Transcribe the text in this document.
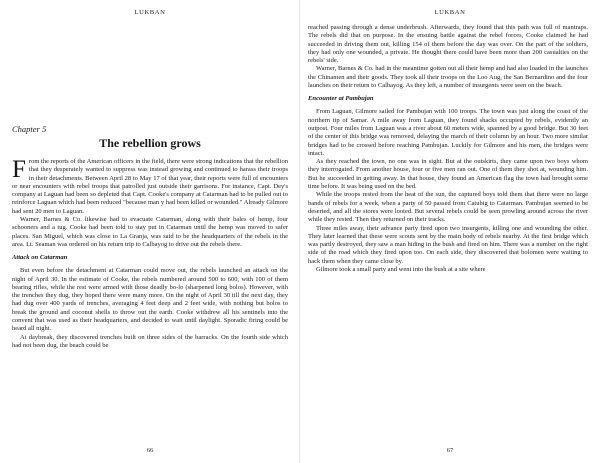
LUKBAN
Chapter 5
The rebellion grows

From the reports of the American officers in the field, there were strong indications that the rebellion that they desperately wanted to suppress was instead growing and continued to harass their troops in their detachments. Between April 28 to May 17 of that year, their reports were full of encounters or near encounters with rebel troops that patrolled just outside their garrisons. For instance, Capt. Dey's company at Laguan had been so depleted that Capt. Cooke's company at Catarman had to be pulled out to reinforce Laguan which had been reduced "because man y had been killed or wounded." Already Gilmore had sent 20 men to Laguan.

Warner, Barnes & Co. likewise had to evacuate Catarman, along with their bales of hemp, four schooners and a tug. Cooke had been told to stay put in Catarman until the hemp was moved to safer places. San Miguel, which was close to La Granja, was said to be the headquarters of the rebels in the area. Lt. Seaman was ordered on his return trip to Calbayog to drive out the rebels there.

Attack on Catarman

But even before the detachment at Catarman could move out, the rebels launched an attack on the night of April 30. In the estimate of Cooke, the rebels numbered around 500 to 600, with 100 of them bearing rifles, while the rest were armed with those deadly bo-lo (sharpened long bolos). However, with the trenches they dug, they hoped there were many more. On the night of April 30 till the next day, they had dug over 400 yards of trenches, averaging 4 feet deep and 2 feet wide, with nothing but bolos to break the ground and coconut shells to throw out the earth. Cooke withdrew all his sentinels into the convent that was used as their headquarters, and decided to wait until daylight. Sporadic firing could be heard all night.

At daybreak, they discovered trenches built on three sides of the barracks. On the fourth side which had not been dug, the beach could be

66
LUKBAN

reached passing through a dense underbrush. Afterwards, they found that this path was full of mantraps. The rebels did that on purpose. In the ensuing battle against the rebel forces, Cooke claimed he had succeeded in driving them out, killing 154 of them before the day was over. On the part of the soldiers, they had only one wounded, a private. He thought there could have been more than 200 casualties on the rebels' side.

Warner, Barnes & Co. had in the meantime gotten out all their hemp and had also loaded in the launches the Chinamen and their goods. They took all their troops on the Loo Aug, the San Bernardino and the four launches on their return to Calbayog. As they left, a number of insurgents were seen on the beach.

Encounter at Pambujan

From Laguan, Gilmore sailed for Pambujan with 100 troops. The town was just along the coast of the northern tip of Samar. A mile away from Laguan, they found shacks occupied by rebels, evidently an outpost. Four miles from Laguan was a river about 60 meters wide, spanned by a good bridge. But 30 feet of the center of this bridge was removed, delaying the march of their column by an hour. Two more similar bridges had to be crossed before reaching Pambujan. Luckily for Gilmore and his men, the bridges were intact.

As they reached the town, no one was in sight. But at the outskirts, they came upon two boys whom they interrogated. From another house, four or five men ran out. One of them they shot at, wounding him. But he succeeded in getting away. In that house, they found an American flag the town had brought some time before. It was being used on the bed.

While the troops rested from the heat of the sun, the captured boys told them that there were no large bands of rebels for a week, when a party of 50 passed from Catubig to Catarman. Pambujan seemed to be deserted, and all the stores were looted. But several rebels could be seen prowling around across the river while they rested. Then they returned on their tracks.

Three miles away, their advance party fired upon two insurgents, killing one and wounding the other. They later learned that these were scouts sent by the main body of rebels nearby. At the first bridge which was partly destroyed, they saw a man hiding in the bush and fired on him. There was a number on the right side of the road which they fired upon too. On each side, they discovered that bolomen were waiting to hack them when they came close by.

Gilmore took a small party and went into the bush at a site where

67
